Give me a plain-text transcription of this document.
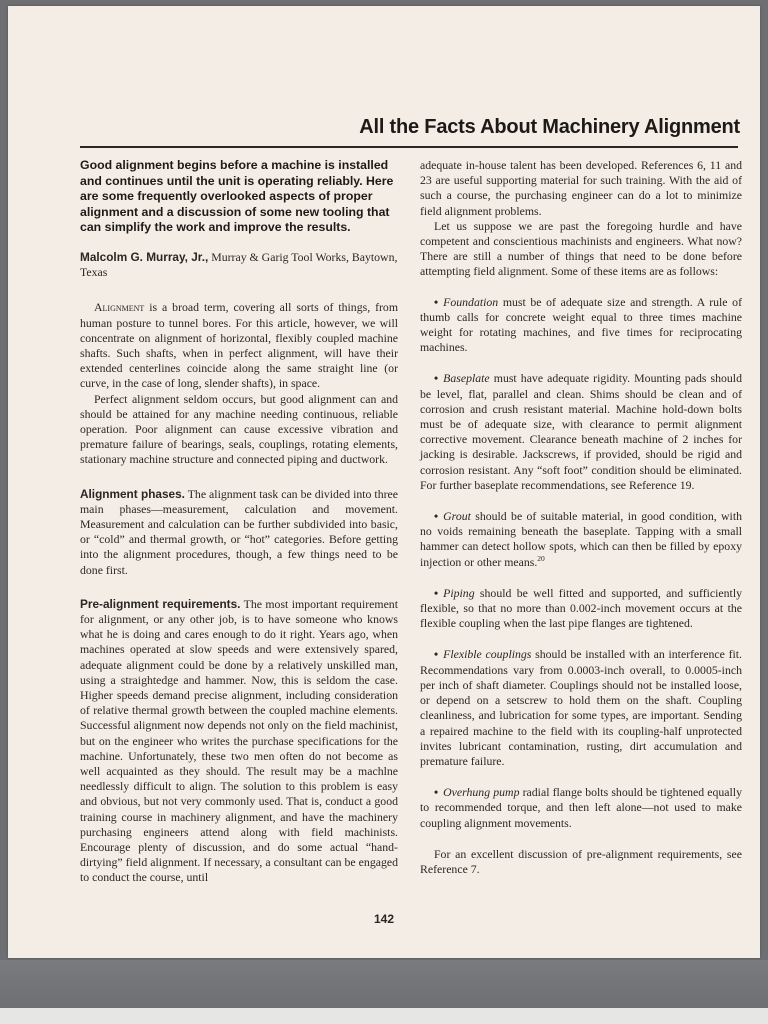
All the Facts About Machinery Alignment

Good alignment begins before a machine is installed and continues until the unit is operating reliably. Here are some frequently overlooked aspects of proper alignment and a discussion of some new tooling that can simplify the work and improve the results.

Malcolm G. Murray, Jr., Murray & Garig Tool Works, Baytown, Texas

Alignment is a broad term, covering all sorts of things, from human posture to tunnel bores. For this article, however, we will concentrate on alignment of horizontal, flexibly coupled machine shafts. Such shafts, when in perfect alignment, will have their extended centerlines coincide along the same straight line (or curve, in the case of long, slender shafts), in space.

Perfect alignment seldom occurs, but good alignment can and should be attained for any machine needing continuous, reliable operation. Poor alignment can cause excessive vibration and premature failure of bearings, seals, couplings, rotating elements, stationary machine structure and connected piping and ductwork.

Alignment phases. The alignment task can be divided into three main phases—measurement, calculation and movement. Measurement and calculation can be further subdivided into basic, or “cold” and thermal growth, or “hot” categories. Before getting into the alignment procedures, though, a few things need to be done first.

Pre-alignment requirements. The most important requirement for alignment, or any other job, is to have someone who knows what he is doing and cares enough to do it right. Years ago, when machines operated at slow speeds and were extensively spared, adequate alignment could be done by a relatively unskilled man, using a straightedge and hammer. Now, this is seldom the case. Higher speeds demand precise alignment, including consideration of relative thermal growth between the coupled machine elements. Successful alignment now depends not only on the field machinist, but on the engineer who writes the purchase specifications for the machine. Unfortunately, these two men often do not become as well acquainted as they should. The result may be a machlne needlessly difficult to align. The solution to this problem is easy and obvious, but not very commonly used. That is, conduct a good training course in machinery alignment, and have the machinery purchasing engineers attend along with field machinists. Encourage plenty of discussion, and do some actual “hand-dirtying” field alignment. If necessary, a consultant can be engaged to conduct the course, until

adequate in-house talent has been developed. References 6, 11 and 23 are useful supporting material for such training. With the aid of such a course, the purchasing engineer can do a lot to minimize field alignment problems.

Let us suppose we are past the foregoing hurdle and have competent and conscientious machinists and engineers. What now? There are still a number of things that need to be done before attempting field alignment. Some of these items are as follows:

• Foundation must be of adequate size and strength. A rule of thumb calls for concrete weight equal to three times machine weight for rotating machines, and five times for reciprocating machines.

• Baseplate must have adequate rigidity. Mounting pads should be level, flat, parallel and clean. Shims should be clean and of corrosion and crush resistant material. Machine hold-down bolts must be of adequate size, with clearance to permit alignment corrective movement. Clearance beneath machine of 2 inches for jacking is desirable. Jackscrews, if provided, should be rigid and corrosion resistant. Any “soft foot” condition should be eliminated. For further baseplate recommendations, see Reference 19.

• Grout should be of suitable material, in good condition, with no voids remaining beneath the baseplate. Tapping with a small hammer can detect hollow spots, which can then be filled by epoxy injection or other means.$^{20}$

• Piping should be well fitted and supported, and sufficiently flexible, so that no more than 0.002-inch movement occurs at the flexible coupling when the last pipe flanges are tightened.

• Flexible couplings should be installed with an interference fit. Recommendations vary from 0.0003-inch overall, to 0.0005-inch per inch of shaft diameter. Couplings should not be installed loose, or depend on a setscrew to hold them on the shaft. Coupling cleanliness, and lubrication for some types, are important. Sending a repaired machine to the field with its coupling-half unprotected invites lubricant contamination, rusting, dirt accumulation and premature failure.

• Overhung pump radial flange bolts should be tightened equally to recommended torque, and then left alone—not used to make coupling alignment movements.

For an excellent discussion of pre-alignment requirements, see Reference 7.

142
